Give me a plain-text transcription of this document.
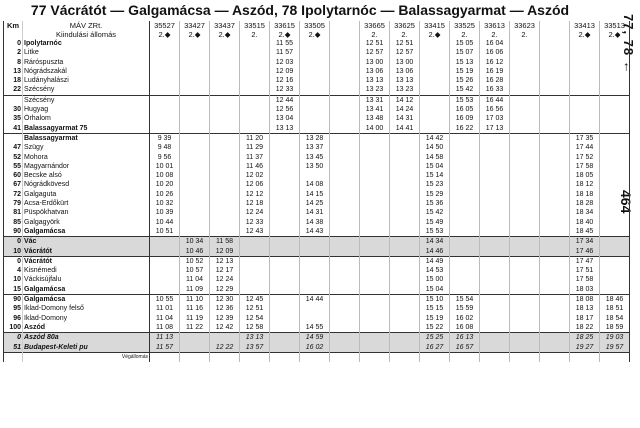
77 Vácrátót — Galgamácsa — Aszód, 78 Ipolytarnóc — Balassagyarmat — Aszód
77, 78 ←
464
Km	MÁV ZRt.	35527	33427	33437	33515	33615	33505		33665	33625	33415	33525	33613	33623		33413	33513
	Kiindulási állomás	2.◆	2.◆	2.◆	2.	2.◆	2.◆		2.	2.	2.◆	2.	2.	2.		2.◆	2.◆
0	Ipolytarnóc					11 55			12 51	12 51		15 05	16 04				
2	Litke					11 57			12 57	12 57		15 07	16 06				
8	Ráróspuszta					12 03			13 00	13 00		15 13	16 12				
13	Nógrádszakál					12 09			13 06	13 06		15 19	16 19				
18	Ludányhalászi					12 16			13 13	13 13		15 26	16 28				
22	Szécsény					12 33			13 23	13 23		15 42	16 33				
	Szécsény					12 44			13 31	14 12		15 53	16 44				
30	Hugyag					12 56			13 41	14 24		16 05	16 56				
35	Őrhalom					13 04			13 48	14 31		16 09	17 03				
41	Balassagyarmat 75					13 13			14 00	14 41		16 22	17 13				
	Balassagyarmat	9 39			11 20		13 28				14 42					17 35	
47	Szügy	9 48			11 29		13 37				14 50					17 44	
52	Mohora	9 56			11 37		13 45				14 58					17 52	
55	Magyarnándor	10 01			11 46		13 50				15 04					17 58	
60	Becske alsó	10 08			12 02						15 14					18 05	
67	Nógrádkövesd	10 20			12 06		14 08				15 23					18 12	
72	Galgaguta	10 26			12 12		14 15				15 29					18 18	
79	Acsa-Erdőkürt	10 32			12 18		14 25				15 36					18 28	
81	Püspökhatvan	10 39			12 24		14 31				15 42					18 34	
85	Galgagyörk	10 44			12 33		14 38				15 49					18 40	
90	Galgamácsa	10 51			12 43		14 43				15 53					18 45	
0	Vác		10 34	11 58							14 34					17 34	
10	Vácrátót		10 46	12 09							14 46					17 46	
0	Vácrátót		10 52	12 13							14 49					17 47	
4	Kisnémedi		10 57	12 17							14 53					17 51	
10	Váckisújfalu		11 04	12 24							15 00					17 58	
15	Galgamácsa		11 09	12 29							15 04					18 03	
90	Galgamácsa	10 55	11 10	12 30	12 45		14 44				15 10	15 54				18 08	18 46
95	Iklad-Domony felső	11 01	11 16	12 36	12 51						15 15	15 59				18 13	18 51
96	Iklad-Domony	11 04	11 19	12 39	12 54						15 19	16 02				18 17	18 54
100	Aszód	11 08	11 22	12 42	12 58		14 55				15 22	16 08				18 22	18 59
0	Aszód 80a	11 13			13 13		14 59				15 25	16 13				18 25	19 03
51	Budapest-Keleti pu	11 57		12 22	13 57		16 02				16 27	16 57				19 27	19 57
	Végállomás																
